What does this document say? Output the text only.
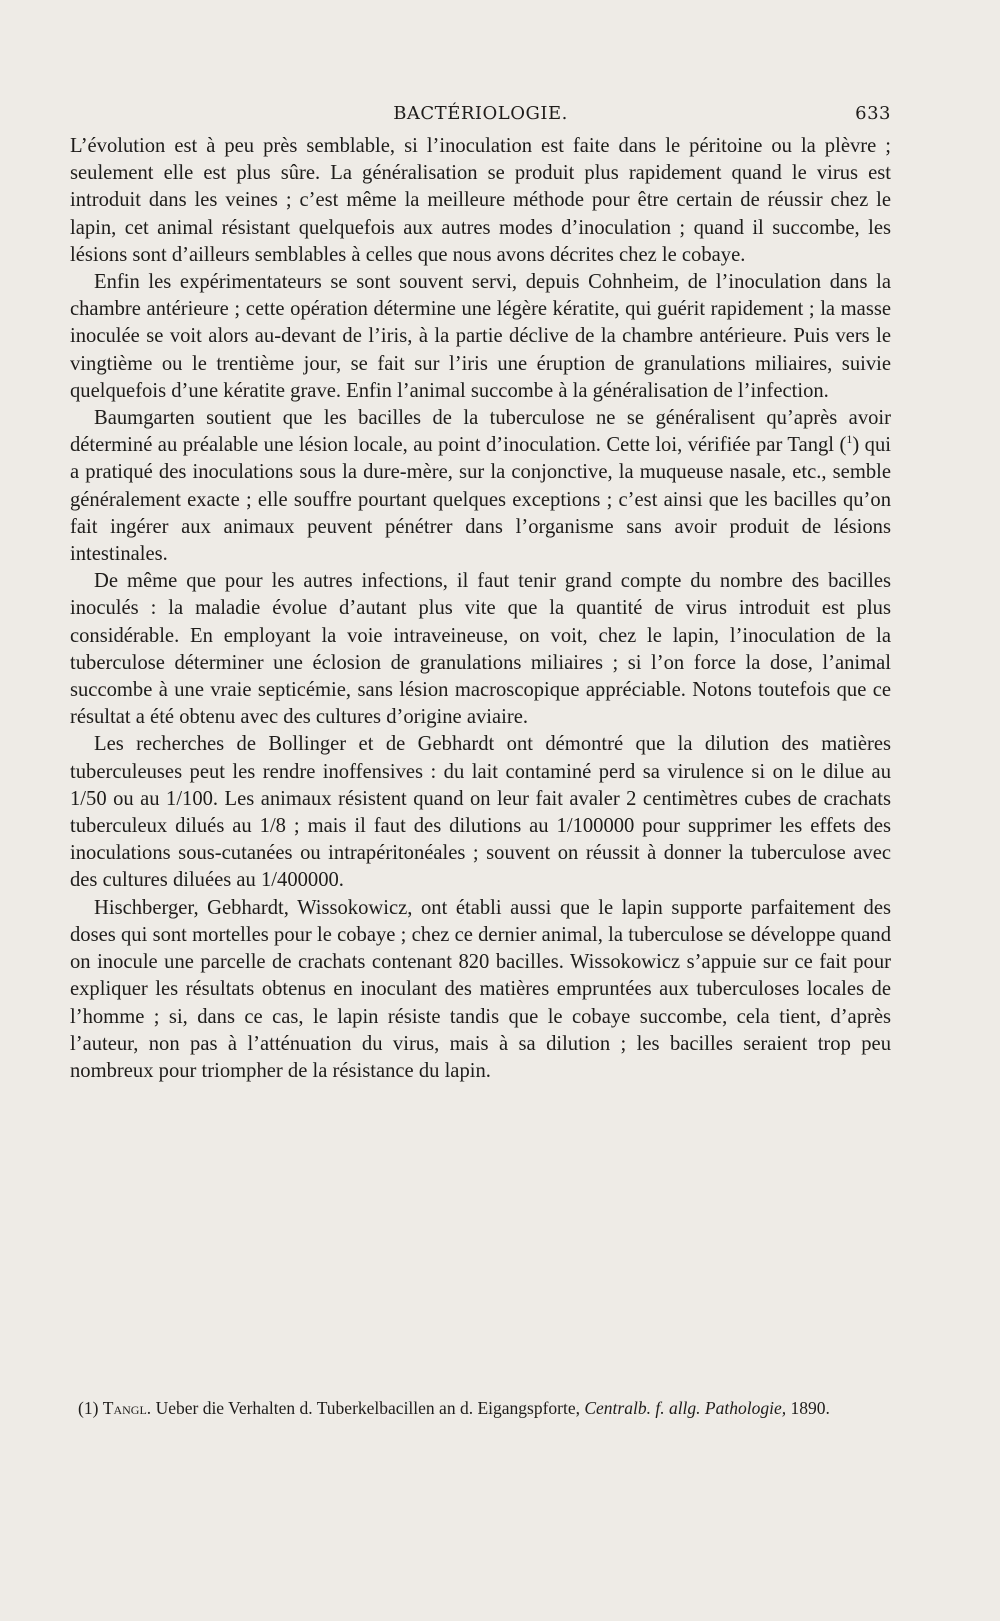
BACTÉRIOLOGIE.	633

L’évolution est à peu près semblable, si l’inoculation est faite dans le péritoine ou la plèvre ; seulement elle est plus sûre. La généralisation se produit plus rapidement quand le virus est introduit dans les veines ; c’est même la meilleure méthode pour être certain de réussir chez le lapin, cet animal résistant quelquefois aux autres modes d’inoculation ; quand il succombe, les lésions sont d’ailleurs semblables à celles que nous avons décrites chez le cobaye.

Enfin les expérimentateurs se sont souvent servi, depuis Cohnheim, de l’inoculation dans la chambre antérieure ; cette opération détermine une légère kératite, qui guérit rapidement ; la masse inoculée se voit alors au-devant de l’iris, à la partie déclive de la chambre antérieure. Puis vers le vingtième ou le trentième jour, se fait sur l’iris une éruption de granulations miliaires, suivie quelquefois d’une kératite grave. Enfin l’animal succombe à la généralisation de l’infection.

Baumgarten soutient que les bacilles de la tuberculose ne se généralisent qu’après avoir déterminé au préalable une lésion locale, au point d’inoculation. Cette loi, vérifiée par Tangl ($^1$) qui a pratiqué des inoculations sous la dure-mère, sur la conjonctive, la muqueuse nasale, etc., semble généralement exacte ; elle souffre pourtant quelques exceptions ; c’est ainsi que les bacilles qu’on fait ingérer aux animaux peuvent pénétrer dans l’organisme sans avoir produit de lésions intestinales.

De même que pour les autres infections, il faut tenir grand compte du nombre des bacilles inoculés : la maladie évolue d’autant plus vite que la quantité de virus introduit est plus considérable. En employant la voie intraveineuse, on voit, chez le lapin, l’inoculation de la tuberculose déterminer une éclosion de granulations miliaires ; si l’on force la dose, l’animal succombe à une vraie septicémie, sans lésion macroscopique appréciable. Notons toutefois que ce résultat a été obtenu avec des cultures d’origine aviaire.

Les recherches de Bollinger et de Gebhardt ont démontré que la dilution des matières tuberculeuses peut les rendre inoffensives : du lait contaminé perd sa virulence si on le dilue au 1/50 ou au 1/100. Les animaux résistent quand on leur fait avaler 2 centimètres cubes de crachats tuberculeux dilués au 1/8 ; mais il faut des dilutions au 1/100000 pour supprimer les effets des inoculations sous-cutanées ou intrapéritonéales ; souvent on réussit à donner la tuberculose avec des cultures diluées au 1/400000.

Hischberger, Gebhardt, Wissokowicz, ont établi aussi que le lapin supporte parfaitement des doses qui sont mortelles pour le cobaye ; chez ce dernier animal, la tuberculose se développe quand on inocule une parcelle de crachats contenant 820 bacilles. Wissokowicz s’appuie sur ce fait pour expliquer les résultats obtenus en inoculant des matières empruntées aux tuberculoses locales de l’homme ; si, dans ce cas, le lapin résiste tandis que le cobaye succombe, cela tient, d’après l’auteur, non pas à l’atténuation du virus, mais à sa dilution ; les bacilles seraient trop peu nombreux pour triompher de la résistance du lapin.

(1) Tangl. Ueber die Verhalten d. Tuberkelbacillen an d. Eigangspforte, Centralb. f. allg. Pathologie, 1890.
